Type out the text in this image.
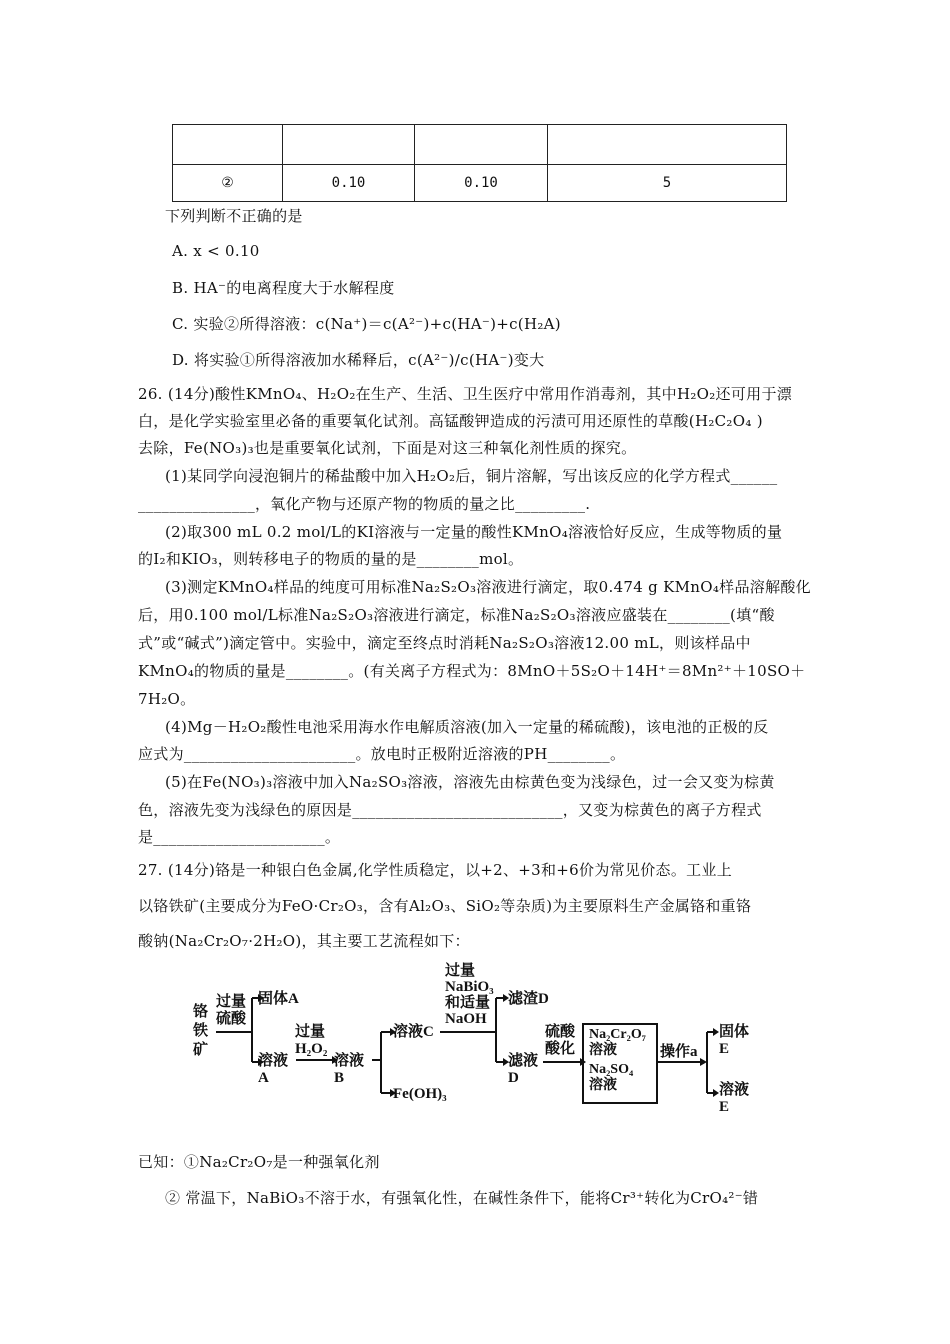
②	0.10	0.10	5
下列判断不正确的是
A. x < 0.10
B. HA⁻的电离程度大于水解程度
C. 实验②所得溶液：c(Na⁺)＝c(A²⁻)+c(HA⁻)+c(H₂A)
D. 将实验①所得溶液加水稀释后，c(A²⁻)/c(HA⁻)变大
26. (14分)酸性KMnO₄、H₂O₂在生产、生活、卫生医疗中常用作消毒剂，其中H₂O₂还可用于漂
白，是化学实验室里必备的重要氧化试剂。高锰酸钾造成的污渍可用还原性的草酸(H₂C₂O₄ )
去除，Fe(NO₃)₃也是重要氧化试剂，下面是对这三种氧化剂性质的探究。
(1)某同学向浸泡铜片的稀盐酸中加入H₂O₂后，铜片溶解，写出该反应的化学方程式______
_______________，氧化产物与还原产物的物质的量之比_________.
(2)取300 mL 0.2 mol/L的KI溶液与一定量的酸性KMnO₄溶液恰好反应，生成等物质的量
的I₂和KIO₃，则转移电子的物质的量的是________mol。
(3)测定KMnO₄样品的纯度可用标准Na₂S₂O₃溶液进行滴定，取0.474 g KMnO₄样品溶解酸化
后，用0.100 mol/L标准Na₂S₂O₃溶液进行滴定，标准Na₂S₂O₃溶液应盛装在________(填“酸
式”或“碱式”)滴定管中。实验中，滴定至终点时消耗Na₂S₂O₃溶液12.00 mL，则该样品中
KMnO₄的物质的量是________。(有关离子方程式为：8MnO＋5S₂O＋14H⁺＝8Mn²⁺＋10SO＋
7H₂O。
(4)Mg－H₂O₂酸性电池采用海水作电解质溶液(加入一定量的稀硫酸)，该电池的正极的反
应式为______________________。放电时正极附近溶液的PH________。
(5)在Fe(NO₃)₃溶液中加入Na₂SO₃溶液，溶液先由棕黄色变为浅绿色，过一会又变为棕黄
色，溶液先变为浅绿色的原因是___________________________，又变为棕黄色的离子方程式
是______________________。
27. (14分)铬是一种银白色金属,化学性质稳定，以+2、+3和+6价为常见价态。工业上
以铬铁矿(主要成分为FeO·Cr₂O₃，含有Al₂O₃、SiO₂等杂质)为主要原料生产金属铬和重铬
酸钠(Na₂Cr₂O₇·2H₂O)，其主要工艺流程如下：
铬
铁
矿
过量
硫酸
固体A
溶液
A
过量
H₂O₂
溶液
B
溶液C
Fe(OH)₃
过量
NaBiO₃
和适量
NaOH
滤渣D
滤液
D
硫酸
酸化
Na₂Cr₂O₇
溶液
Na₂SO₄
溶液
操作a
固体
E
溶液
E
已知：①Na₂Cr₂O₇是一种强氧化剂
② 常温下，NaBiO₃不溶于水，有强氧化性，在碱性条件下，能将Cr³⁺转化为CrO₄²⁻错
